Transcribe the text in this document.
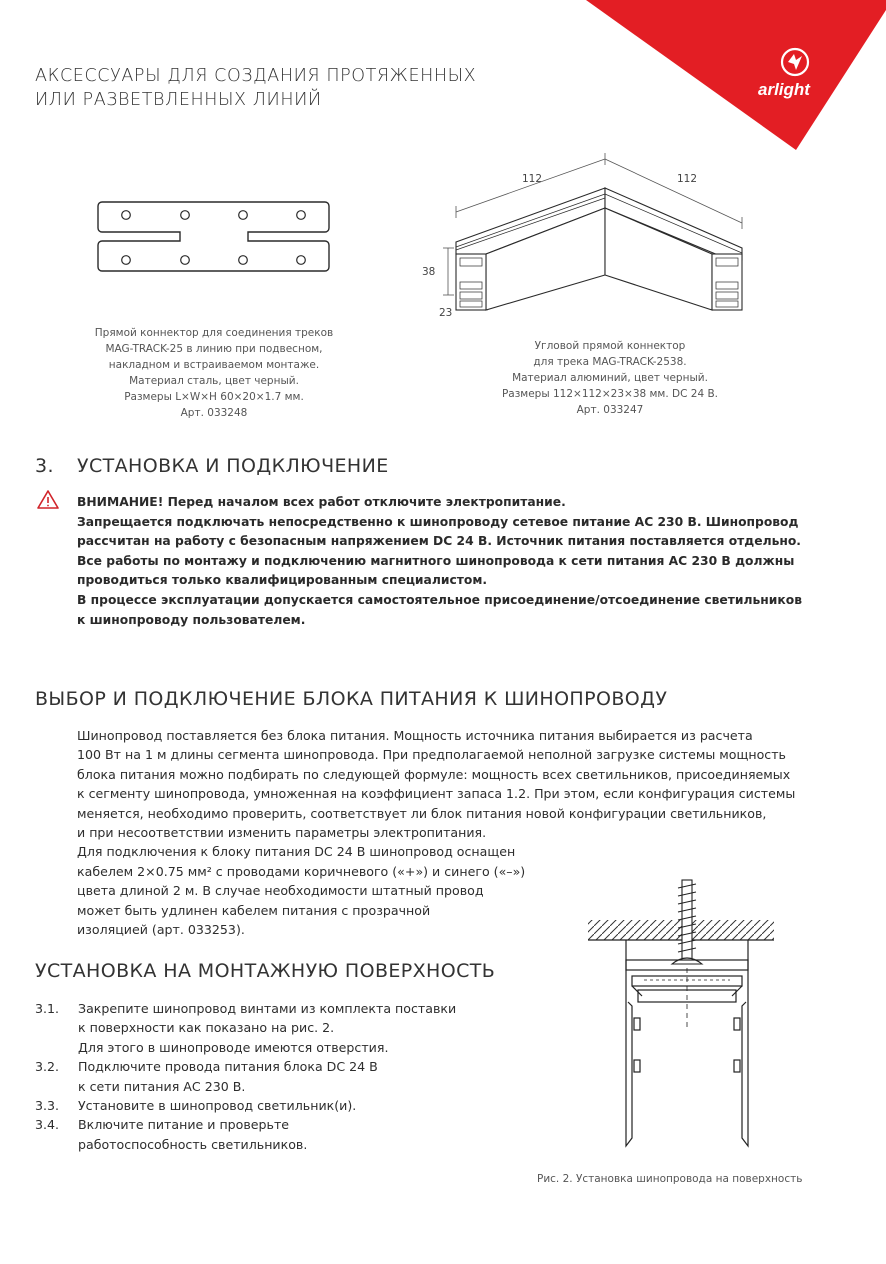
arlight
АКСЕССУАРЫ ДЛЯ СОЗДАНИЯ ПРОТЯЖЕННЫХ
ИЛИ РАЗВЕТВЛЕННЫХ ЛИНИЙ
Прямой коннектор для соединения треков
MAG-TRACK-25 в линию при подвесном,
накладном и встраиваемом монтаже.
Материал сталь, цвет черный.
Размеры L×W×H 60×20×1.7 мм.
Арт. 033248
112	112
38
23
Угловой прямой коннектор
для трека MAG-TRACK-2538.
Материал алюминий, цвет черный.
Размеры 112×112×23×38 мм. DC 24 В.
Арт. 033247
3. УСТАНОВКА И ПОДКЛЮЧЕНИЕ
ВНИМАНИЕ! Перед началом всех работ отключите электропитание.
Запрещается подключать непосредственно к шинопроводу сетевое питание АС 230 В. Шинопровод
рассчитан на работу с безопасным напряжением DC 24 В. Источник питания поставляется отдельно.
Все работы по монтажу и подключению магнитного шинопровода к сети питания АС 230 В должны
проводиться только квалифицированным специалистом.
В процессе эксплуатации допускается самостоятельное присоединение/отсоединение светильников
к шинопроводу пользователем.
ВЫБОР И ПОДКЛЮЧЕНИЕ БЛОКА ПИТАНИЯ К ШИНОПРОВОДУ
Шинопровод поставляется без блока питания. Мощность источника питания выбирается из расчета
100 Вт на 1 м длины сегмента шинопровода. При предполагаемой неполной загрузке системы мощность
блока питания можно подбирать по следующей формуле: мощность всех светильников, присоединяемых
к сегменту шинопровода, умноженная на коэффициент запаса 1.2. При этом, если конфигурация системы
меняется, необходимо проверить, соответствует ли блок питания новой конфигурации светильников,
и при несоответствии изменить параметры электропитания.
Для подключения к блоку питания DC 24 В шинопровод оснащен
кабелем 2×0.75 мм² с проводами коричневого («+») и синего («–»)
цвета длиной 2 м. В случае необходимости штатный провод
может быть удлинен кабелем питания с прозрачной
изоляцией (арт. 033253).
УСТАНОВКА НА МОНТАЖНУЮ ПОВЕРХНОСТЬ
3.1. Закрепите шинопровод винтами из комплекта поставки
к поверхности как показано на рис. 2.
Для этого в шинопроводе имеются отверстия.
3.2. Подключите провода питания блока DC 24 В
к сети питания АС 230 В.
3.3. Установите в шинопровод светильник(и).
3.4. Включите питание и проверьте
работоспособность светильников.
Рис. 2. Установка шинопровода на поверхность
